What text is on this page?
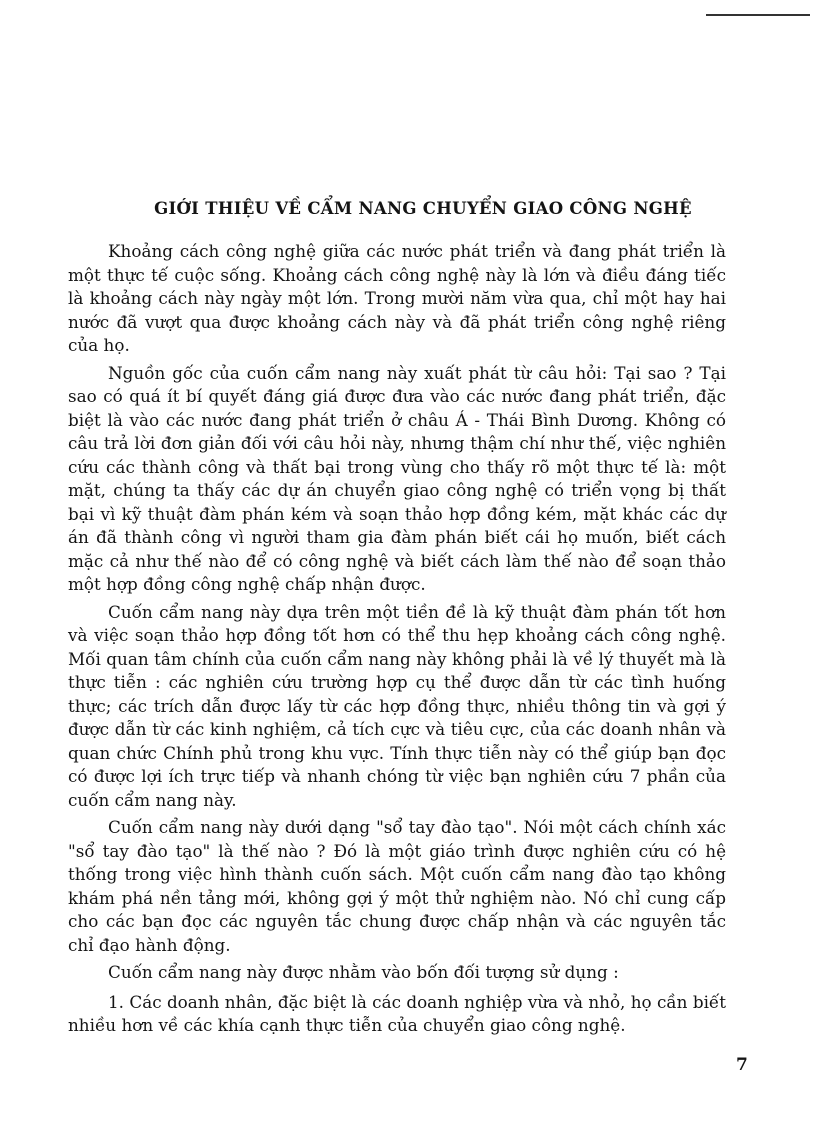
GIỚI THIỆU VỀ CẨM NANG CHUYỂN GIAO CÔNG NGHỆ

Khoảng cách công nghệ giữa các nước phát triển và đang phát triển là một thực tế cuộc sống. Khoảng cách công nghệ này là lớn và điều đáng tiếc là khoảng cách này ngày một lớn. Trong mười năm vừa qua, chỉ một hay hai nước đã vượt qua được khoảng cách này và đã phát triển công nghệ riêng của họ.

Nguồn gốc của cuốn cẩm nang này xuất phát từ câu hỏi: Tại sao ? Tại sao có quá ít bí quyết đáng giá được đưa vào các nước đang phát triển, đặc biệt là vào các nước đang phát triển ở châu Á - Thái Bình Dương. Không có câu trả lời đơn giản đối với câu hỏi này, nhưng thậm chí như thế, việc nghiên cứu các thành công và thất bại trong vùng cho thấy rõ một thực tế là: một mặt, chúng ta thấy các dự án chuyển giao công nghệ có triển vọng bị thất bại vì kỹ thuật đàm phán kém và soạn thảo hợp đồng kém, mặt khác các dự án đã thành công vì người tham gia đàm phán biết cái họ muốn, biết cách mặc cả như thế nào để có công nghệ và biết cách làm thế nào để soạn thảo một hợp đồng công nghệ chấp nhận được.

Cuốn cẩm nang này dựa trên một tiền đề là kỹ thuật đàm phán tốt hơn và việc soạn thảo hợp đồng tốt hơn có thể thu hẹp khoảng cách công nghệ. Mối quan tâm chính của cuốn cẩm nang này không phải là về lý thuyết mà là thực tiễn : các nghiên cứu trường hợp cụ thể được dẫn từ các tình huống thực; các trích dẫn được lấy từ các hợp đồng thực, nhiều thông tin và gợi ý được dẫn từ các kinh nghiệm, cả tích cực và tiêu cực, của các doanh nhân và quan chức Chính phủ trong khu vực. Tính thực tiễn này có thể giúp bạn đọc có được lợi ích trực tiếp và nhanh chóng từ việc bạn nghiên cứu 7 phần của cuốn cẩm nang này.

Cuốn cẩm nang này dưới dạng "sổ tay đào tạo". Nói một cách chính xác "sổ tay đào tạo" là thế nào ? Đó là một giáo trình được nghiên cứu có hệ thống trong việc hình thành cuốn sách. Một cuốn cẩm nang đào tạo không khám phá nền tảng mới, không gợi ý một thử nghiệm nào. Nó chỉ cung cấp cho các bạn đọc các nguyên tắc chung được chấp nhận và các nguyên tắc chỉ đạo hành động.

Cuốn cẩm nang này được nhằm vào bốn đối tượng sử dụng :

1. Các doanh nhân, đặc biệt là các doanh nghiệp vừa và nhỏ, họ cần biết nhiều hơn về các khía cạnh thực tiễn của chuyển giao công nghệ.

7
